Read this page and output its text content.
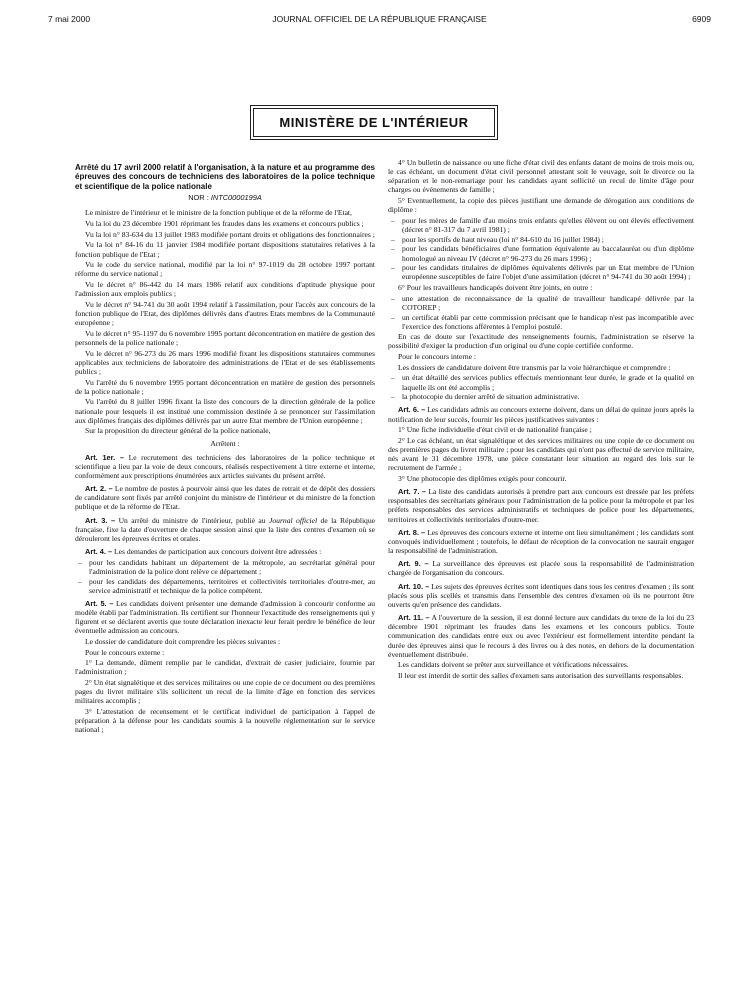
7 mai 2000	JOURNAL OFFICIEL DE LA RÉPUBLIQUE FRANÇAISE	6909
MINISTÈRE DE L'INTÉRIEUR
Arrêté du 17 avril 2000 relatif à l'organisation, à la nature et au programme des épreuves des concours de techniciens des laboratoires de la police technique et scientifique de la police nationale
NOR : INTC0000199A

Le ministre de l'intérieur et le ministre de la fonction publique et de la réforme de l'Etat,

Vu la loi du 23 décembre 1901 réprimant les fraudes dans les examens et concours publics ;

Vu la loi n° 83-634 du 13 juillet 1983 modifiée portant droits et obligations des fonctionnaires ;

Vu la loi n° 84-16 du 11 janvier 1984 modifiée portant dispositions statutaires relatives à la fonction publique de l'Etat ;

Vu le code du service national, modifié par la loi n° 97-1019 du 28 octobre 1997 portant réforme du service national ;

Vu le décret n° 86-442 du 14 mars 1986 relatif aux conditions d'aptitude physique pour l'admission aux emplois publics ;

Vu le décret n° 94-741 du 30 août 1994 relatif à l'assimilation, pour l'accès aux concours de la fonction publique de l'Etat, des diplômes délivrés dans d'autres Etats membres de la Communauté européenne ;

Vu le décret n° 95-1197 du 6 novembre 1995 portant déconcentration en matière de gestion des personnels de la police nationale ;

Vu le décret n° 96-273 du 26 mars 1996 modifié fixant les dispositions statutaires communes applicables aux techniciens de laboratoire des administrations de l'Etat et de ses établissements publics ;

Vu l'arrêté du 6 novembre 1995 portant déconcentration en matière de gestion des personnels de la police nationale ;

Vu l'arrêté du 8 juillet 1996 fixant la liste des concours de la direction générale de la police nationale pour lesquels il est institué une commission destinée à se prononcer sur l'assimilation aux diplômes français des diplômes délivrés par un autre Etat membre de l'Union européenne ;

Sur la proposition du directeur général de la police nationale,

Arrêtent :

Art. 1er. – Le recrutement des techniciens des laboratoires de la police technique et scientifique a lieu par la voie de deux concours, réalisés respectivement à titre externe et interne, conformément aux prescriptions énumérées aux articles suivants du présent arrêté.

Art. 2. – Le nombre de postes à pourvoir ainsi que les dates de retrait et de dépôt des dossiers de candidature sont fixés par arrêté conjoint du ministre de l'intérieur et du ministre de la fonction publique et de la réforme de l'Etat.

Art. 3. – Un arrêté du ministre de l'intérieur, publié au Journal officiel de la République française, fixe la date d'ouverture de chaque session ainsi que la liste des centres d'examen où se dérouleront les épreuves écrites et orales.

Art. 4. – Les demandes de participation aux concours doivent être adressées :

– pour les candidats habitant un département de la métropole, au secrétariat général pour l'administration de la police dont relève ce département ;
– pour les candidats des départements, territoires et collectivités territoriales d'outre-mer, au service administratif et technique de la police compétent.

Art. 5. – Les candidats doivent présenter une demande d'admission à concourir conforme au modèle établi par l'administration. Ils certifient sur l'honneur l'exactitude des renseignements qui y figurent et se déclarent avertis que toute déclaration inexacte leur ferait perdre le bénéfice de leur éventuelle admission au concours.

Le dossier de candidature doit comprendre les pièces suivantes :

Pour le concours externe :

1° La demande, dûment remplie par le candidat, d'extrait de casier judiciaire, fournie par l'administration ;

2° Un état signalétique et des services militaires ou une copie de ce document ou des premières pages du livret militaire s'ils sollicitent un recul de la limite d'âge en fonction des services militaires accomplis ;

3° L'attestation de recensement et le certificat individuel de participation à l'appel de préparation à la défense pour les candidats soumis à la nouvelle réglementation sur le service national ;

4° Un bulletin de naissance ou une fiche d'état civil des enfants datant de moins de trois mois ou, le cas échéant, un document d'état civil personnel attestant soit le veuvage, soit le divorce ou la séparation et le non-remariage pour les candidats ayant sollicité un recul de limite d'âge pour charges ou événements de famille ;

5° Eventuellement, la copie des pièces justifiant une demande de dérogation aux conditions de diplôme :

– pour les mères de famille d'au moins trois enfants qu'elles élèvent ou ont élevés effectivement (décret n° 81-317 du 7 avril 1981) ;
– pour les sportifs de haut niveau (loi n° 84-610 du 16 juillet 1984) ;
– pour les candidats bénéficiaires d'une formation équivalente au baccalauréat ou d'un diplôme homologué au niveau IV (décret n° 96-273 du 26 mars 1996) ;
– pour les candidats titulaires de diplômes équivalents délivrés par un Etat membre de l'Union européenne susceptibles de faire l'objet d'une assimilation (décret n° 94-741 du 30 août 1994) ;

6° Pour les travailleurs handicapés doivent être joints, en outre :

– une attestation de reconnaissance de la qualité de travailleur handicapé délivrée par la COTOREP ;
– un certificat établi par cette commission précisant que le handicap n'est pas incompatible avec l'exercice des fonctions afférentes à l'emploi postulé.

En cas de doute sur l'exactitude des renseignements fournis, l'administration se réserve la possibilité d'exiger la production d'un original ou d'une copie certifiée conforme.

Pour le concours interne :

Les dossiers de candidature doivent être transmis par la voie hiérarchique et comprendre :

– un état détaillé des services publics effectués mentionnant leur durée, le grade et la qualité en laquelle ils ont été accomplis ;
– la photocopie du dernier arrêté de situation administrative.

Art. 6. – Les candidats admis au concours externe doivent, dans un délai de quinze jours après la notification de leur succès, fournir les pièces justificatives suivantes :

1° Une fiche individuelle d'état civil et de nationalité française ;

2° Le cas échéant, un état signalétique et des services militaires ou une copie de ce document ou des premières pages du livret militaire ; pour les candidats qui n'ont pas effectué de service militaire, nés avant le 31 décembre 1978, une pièce constatant leur situation au regard des lois sur le recrutement de l'armée ;

3° Une photocopie des diplômes exigés pour concourir.

Art. 7. – La liste des candidats autorisés à prendre part aux concours est dressée par les préfets responsables des secrétariats généraux pour l'administration de la police pour la métropole et par les préfets responsables des services administratifs et techniques de police pour les départements, territoires et collectivités territoriales d'outre-mer.

Art. 8. – Les épreuves des concours externe et interne ont lieu simultanément ; les candidats sont convoqués individuellement ; toutefois, le défaut de réception de la convocation ne saurait engager la responsabilité de l'administration.

Art. 9. – La surveillance des épreuves est placée sous la responsabilité de l'administration chargée de l'organisation du concours.

Art. 10. – Les sujets des épreuves écrites sont identiques dans tous les centres d'examen ; ils sont placés sous plis scellés et transmis dans l'ensemble des centres d'examen où ils ne pourront être ouverts qu'en présence des candidats.

Art. 11. – A l'ouverture de la session, il est donné lecture aux candidats du texte de la loi du 23 décembre 1901 réprimant les fraudes dans les examens et les concours publics. Toute communication des candidats entre eux ou avec l'extérieur est formellement interdite pendant la durée des épreuves ainsi que le recours à des livres ou à des notes, en dehors de la documentation éventuellement distribuée.

Les candidats doivent se prêter aux surveillance et vérifications nécessaires.

Il leur est interdit de sortir des salles d'examen sans autorisation des surveillants responsables.
